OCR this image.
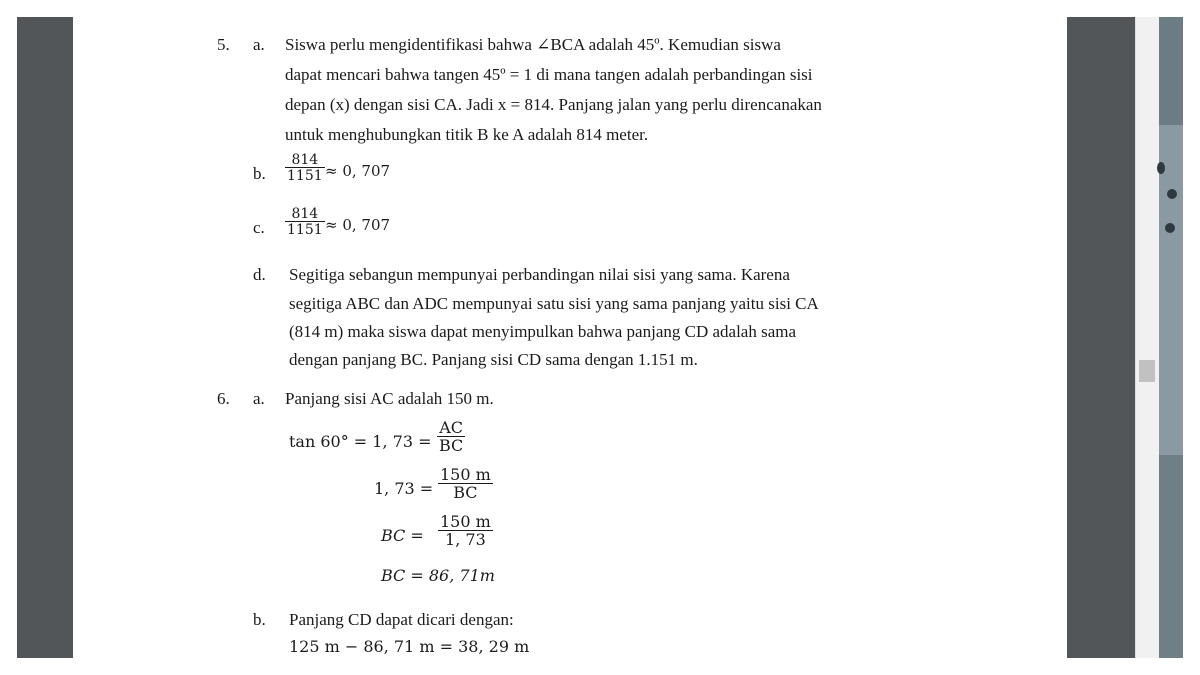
5. a. Siswa perlu mengidentifikasi bahwa ∠BCA adalah 45º. Kemudian siswa
dapat mencari bahwa tangen 45º = 1 di mana tangen adalah perbandingan sisi
depan (x) dengan sisi CA. Jadi x = 814. Panjang jalan yang perlu direncanakan
untuk menghubungkan titik B ke A adalah 814 meter.
b. $\frac{814}{1151} \approx 0$, 707
c. $\frac{814}{1151} \approx 0$, 707
d. Segitiga sebangun mempunyai perbandingan nilai sisi yang sama. Karena
segitiga ABC dan ADC mempunyai satu sisi yang sama panjang yaitu sisi CA
(814 m) maka siswa dapat menyimpulkan bahwa panjang CD adalah sama
dengan panjang BC. Panjang sisi CD sama dengan 1.151 m.
6. a. Panjang sisi AC adalah 150 m.
tan 60° = 1, $73 = \frac{AC}{BC}$
1, $73 = \frac{150 m}{BC}$
BC = $\frac{150 m}{1, 73}$
BC = 86, 71m
b. Panjang CD dapat dicari dengan:
125 m − 86, 71 m = 38, 29 m
